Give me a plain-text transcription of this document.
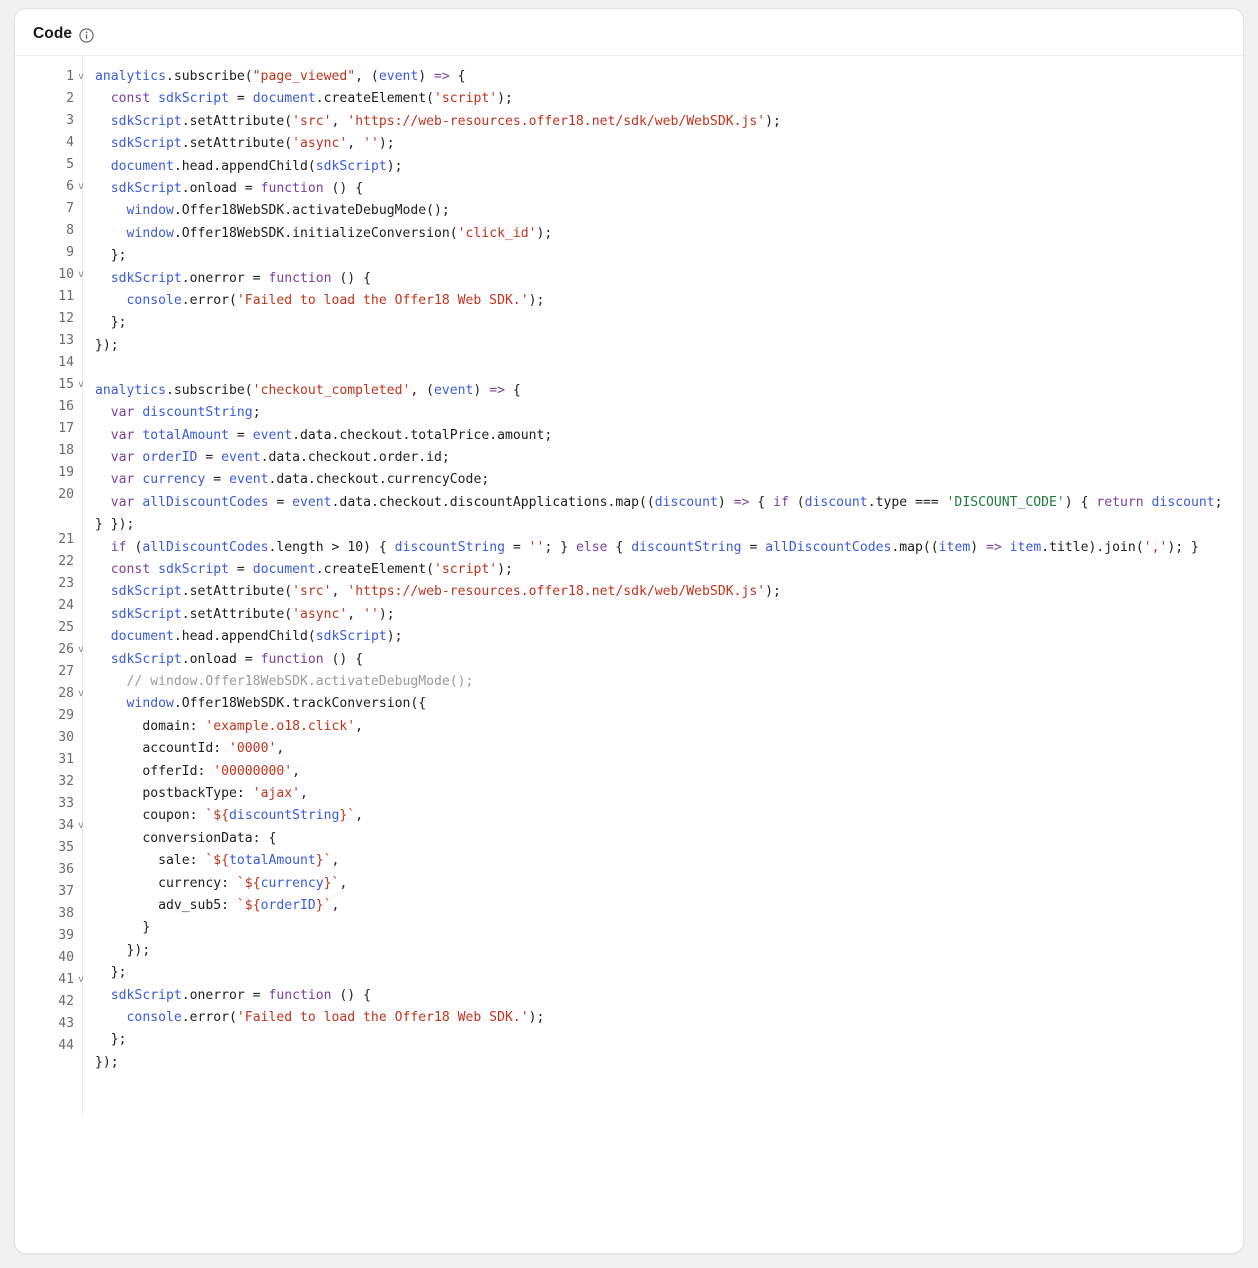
Code
1 v
2
3
4
5
6 v
7
8
9
10 v
11
12
13
14
15 v
16
17
18
19
20
21
22
23
24
25
26 v
27
28 v
29
30
31
32
33
34 v
35
36
37
38
39
40
41 v
42
43
44
analytics.subscribe("page_viewed", (event) => {
const sdkScript = document.createElement('script');
sdkScript.setAttribute('src', 'https://web-resources.offer18.net/sdk/web/WebSDK.js');
sdkScript.setAttribute('async', '');
document.head.appendChild(sdkScript);
sdkScript.onload = function () {
window.Offer18WebSDK.activateDebugMode();
window.Offer18WebSDK.initializeConversion('click_id');
};
sdkScript.onerror = function () {
console.error('Failed to load the Offer18 Web SDK.');
};
});

analytics.subscribe('checkout_completed', (event) => {
var discountString;
var totalAmount = event.data.checkout.totalPrice.amount;
var orderID = event.data.checkout.order.id;
var currency = event.data.checkout.currencyCode;
var allDiscountCodes = event.data.checkout.discountApplications.map((discount) => { if (discount.type === 'DISCOUNT_CODE') { return discount; } });
if (allDiscountCodes.length > 10) { discountString = ''; } else { discountString = allDiscountCodes.map((item) => item.title).join(','); }
const sdkScript = document.createElement('script');
sdkScript.setAttribute('src', 'https://web-resources.offer18.net/sdk/web/WebSDK.js');
sdkScript.setAttribute('async', '');
document.head.appendChild(sdkScript);
sdkScript.onload = function () {
// window.Offer18WebSDK.activateDebugMode();
window.Offer18WebSDK.trackConversion({
domain: 'example.o18.click',
accountId: '0000',
offerId: '00000000',
postbackType: 'ajax',
coupon: `${discountString}`,
conversionData: {
sale: `${totalAmount}`,
currency: `${currency}`,
adv_sub5: `${orderID}`,
}
});
};
sdkScript.onerror = function () {
console.error('Failed to load the Offer18 Web SDK.');
};
});
